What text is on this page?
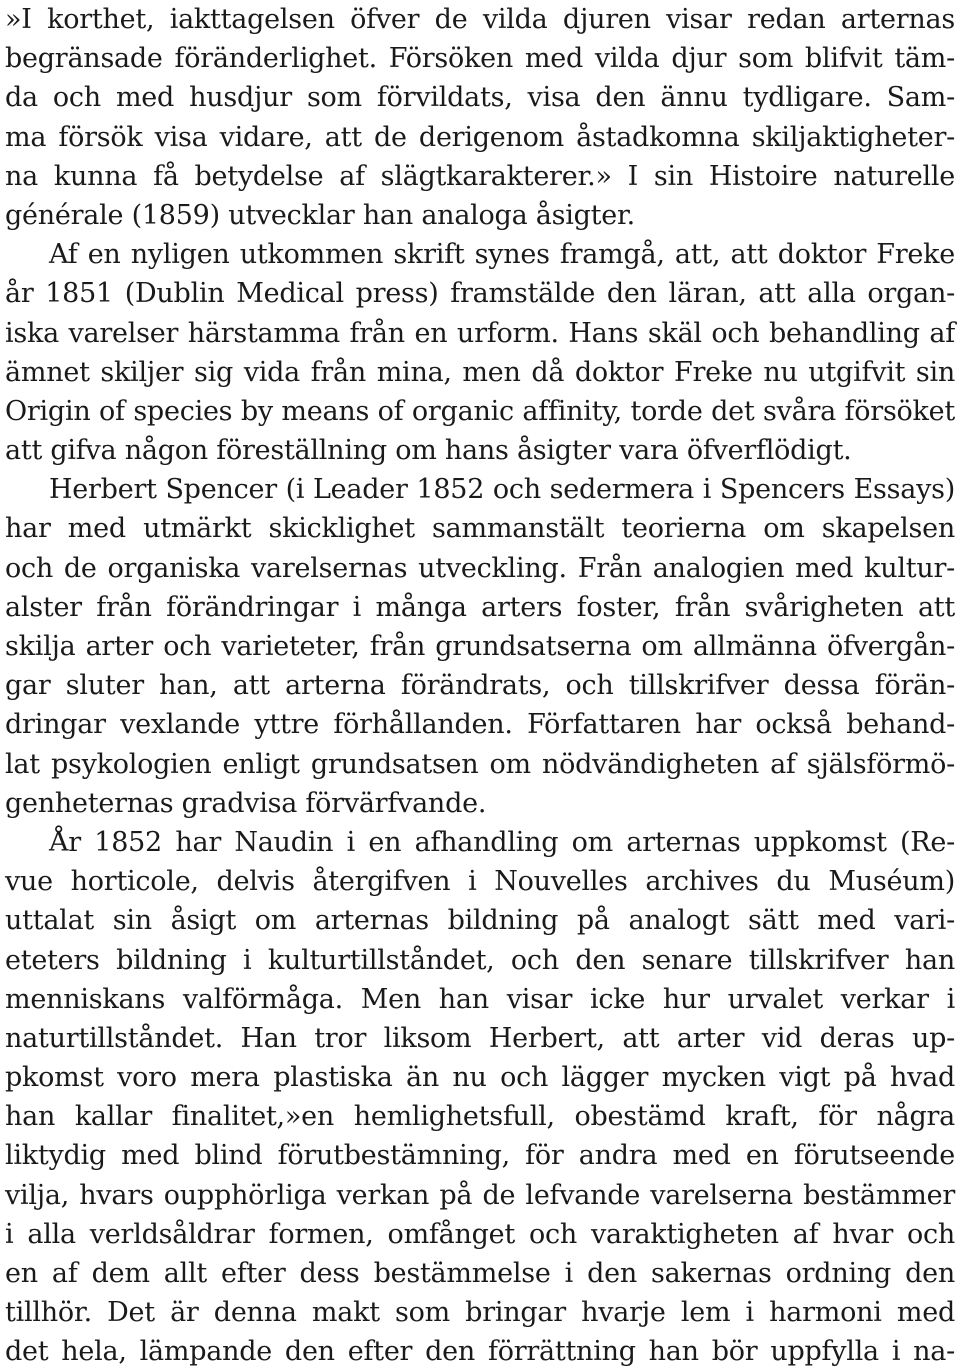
»I korthet, iakttagelsen öfver de vilda djuren visar redan arternas
begränsade föränderlighet. Försöken med vilda djur som blifvit täm-
da och med husdjur som förvildats, visa den ännu tydligare. Sam-
ma försök visa vidare, att de derigenom åstadkomna skiljaktigheter-
na kunna få betydelse af slägtkarakterer.» I sin Histoire naturelle
générale (1859) utvecklar han analoga åsigter.
Af en nyligen utkommen skrift synes framgå, att, att doktor Freke
år 1851 (Dublin Medical press) framstälde den läran, att alla organ-
iska varelser härstamma från en urform. Hans skäl och behandling af
ämnet skiljer sig vida från mina, men då doktor Freke nu utgifvit sin
Origin of species by means of organic affinity, torde det svåra försöket
att gifva någon föreställning om hans åsigter vara öfverflödigt.
Herbert Spencer (i Leader 1852 och sedermera i Spencers Essays)
har med utmärkt skicklighet sammanstält teorierna om skapelsen
och de organiska varelsernas utveckling. Från analogien med kultur-
alster från förändringar i många arters foster, från svårigheten att
skilja arter och varieteter, från grundsatserna om allmänna öfvergån-
gar sluter han, att arterna förändrats, och tillskrifver dessa förän-
dringar vexlande yttre förhållanden. Författaren har också behand-
lat psykologien enligt grundsatsen om nödvändigheten af själsförmö-
genheternas gradvisa förvärfvande.
År 1852 har Naudin i en afhandling om arternas uppkomst (Re-
vue horticole, delvis återgifven i Nouvelles archives du Muséum)
uttalat sin åsigt om arternas bildning på analogt sätt med vari-
eteters bildning i kulturtillståndet, och den senare tillskrifver han
menniskans valförmåga. Men han visar icke hur urvalet verkar i
naturtillståndet. Han tror liksom Herbert, att arter vid deras up-
pkomst voro mera plastiska än nu och lägger mycken vigt på hvad
han kallar finalitet,»en hemlighetsfull, obestämd kraft, för några
liktydig med blind förutbestämning, för andra med en förutseende
vilja, hvars oupphörliga verkan på de lefvande varelserna bestämmer
i alla verldsåldrar formen, omfånget och varaktigheten af hvar och
en af dem allt efter dess bestämmelse i den sakernas ordning den
tillhör. Det är denna makt som bringar hvarje lem i harmoni med
det hela, lämpande den efter den förrättning han bör uppfylla i na-
